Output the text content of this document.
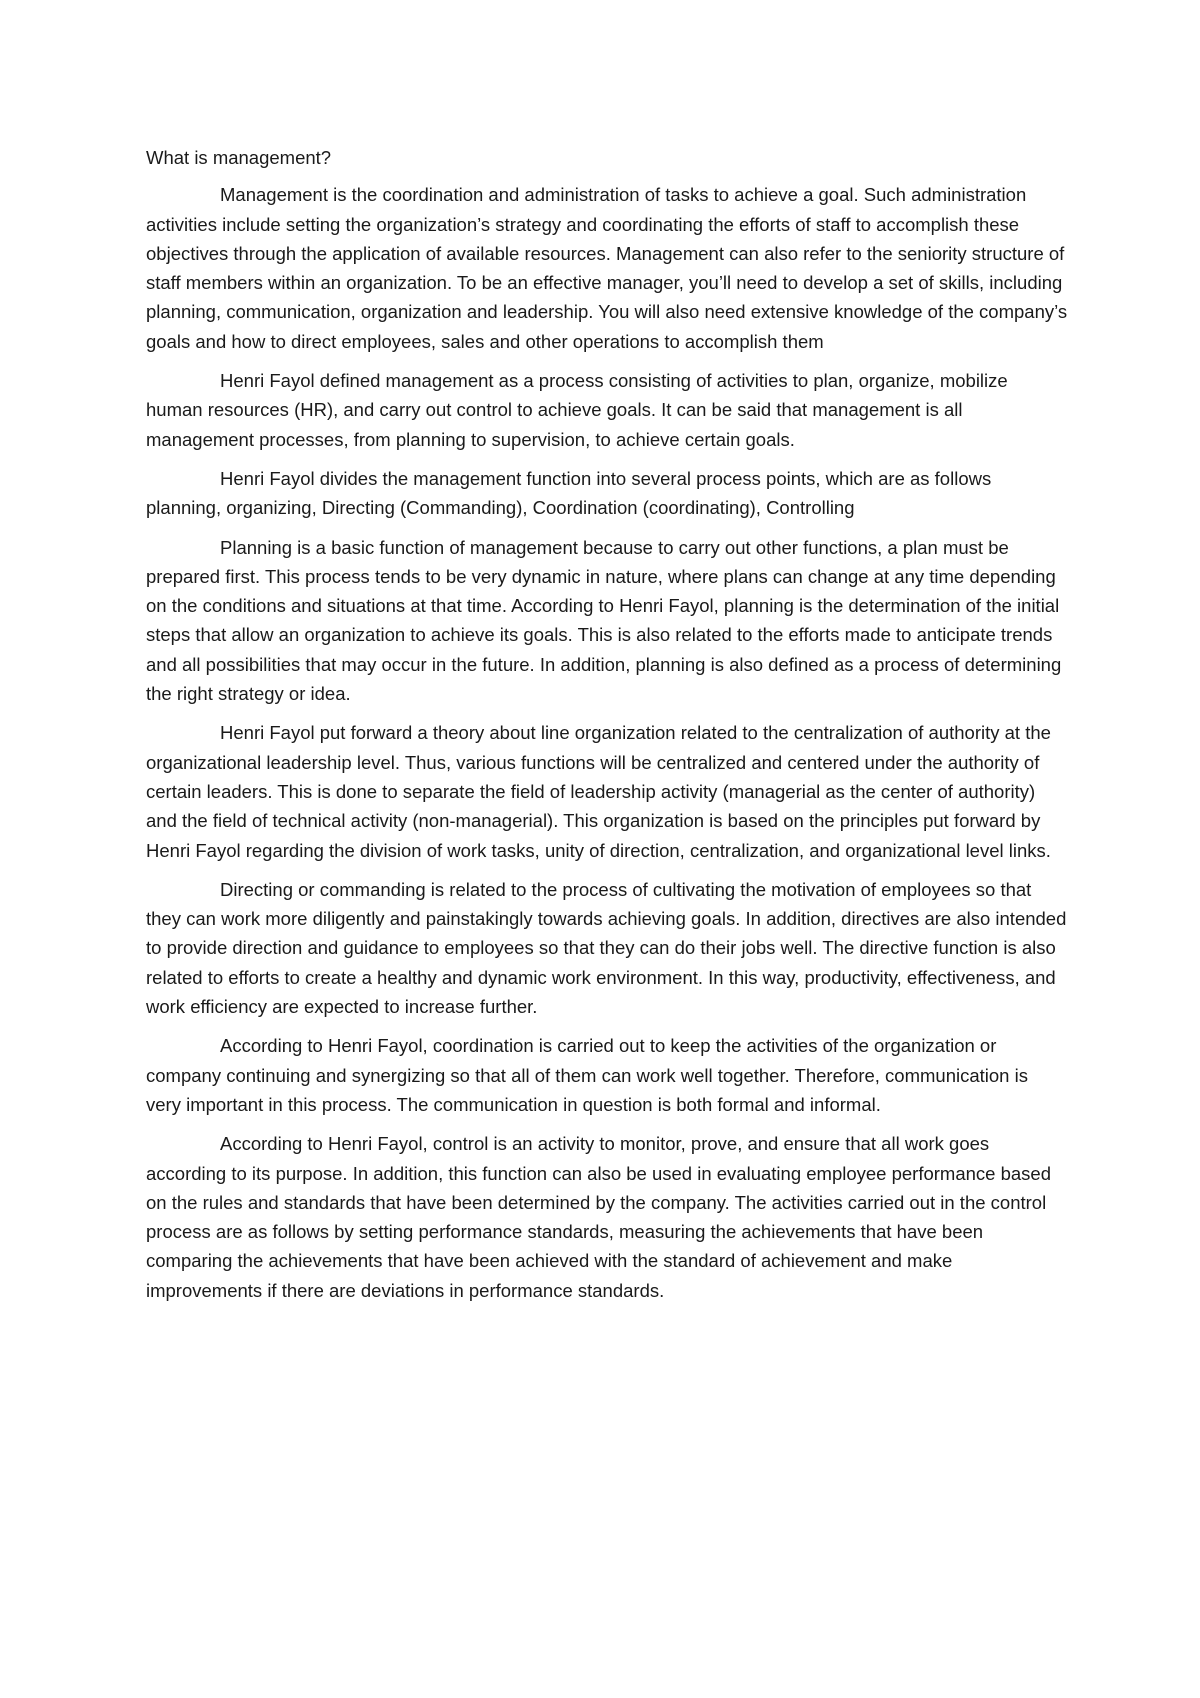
What is management?

Management is the coordination and administration of tasks to achieve a goal. Such administration activities include setting the organization’s strategy and coordinating the efforts of staff to accomplish these objectives through the application of available resources. Management can also refer to the seniority structure of staff members within an organization. To be an effective manager, you’ll need to develop a set of skills, including planning, communication, organization and leadership. You will also need extensive knowledge of the company’s goals and how to direct employees, sales and other operations to accomplish them

Henri Fayol defined management as a process consisting of activities to plan, organize, mobilize human resources (HR), and carry out control to achieve goals. It can be said that management is all management processes, from planning to supervision, to achieve certain goals.

Henri Fayol divides the management function into several process points, which are as follows planning, organizing, Directing (Commanding), Coordination (coordinating), Controlling

Planning is a basic function of management because to carry out other functions, a plan must be prepared first. This process tends to be very dynamic in nature, where plans can change at any time depending on the conditions and situations at that time. According to Henri Fayol, planning is the determination of the initial steps that allow an organization to achieve its goals. This is also related to the efforts made to anticipate trends and all possibilities that may occur in the future. In addition, planning is also defined as a process of determining the right strategy or idea.

Henri Fayol put forward a theory about line organization related to the centralization of authority at the organizational leadership level. Thus, various functions will be centralized and centered under the authority of certain leaders. This is done to separate the field of leadership activity (managerial as the center of authority) and the field of technical activity (non-managerial). This organization is based on the principles put forward by Henri Fayol regarding the division of work tasks, unity of direction, centralization, and organizational level links.

Directing or commanding is related to the process of cultivating the motivation of employees so that they can work more diligently and painstakingly towards achieving goals. In addition, directives are also intended to provide direction and guidance to employees so that they can do their jobs well. The directive function is also related to efforts to create a healthy and dynamic work environment. In this way, productivity, effectiveness, and work efficiency are expected to increase further.

According to Henri Fayol, coordination is carried out to keep the activities of the organization or company continuing and synergizing so that all of them can work well together. Therefore, communication is very important in this process. The communication in question is both formal and informal.

According to Henri Fayol, control is an activity to monitor, prove, and ensure that all work goes according to its purpose. In addition, this function can also be used in evaluating employee performance based on the rules and standards that have been determined by the company. The activities carried out in the control process are as follows by setting performance standards, measuring the achievements that have been comparing the achievements that have been achieved with the standard of achievement and make improvements if there are deviations in performance standards.
